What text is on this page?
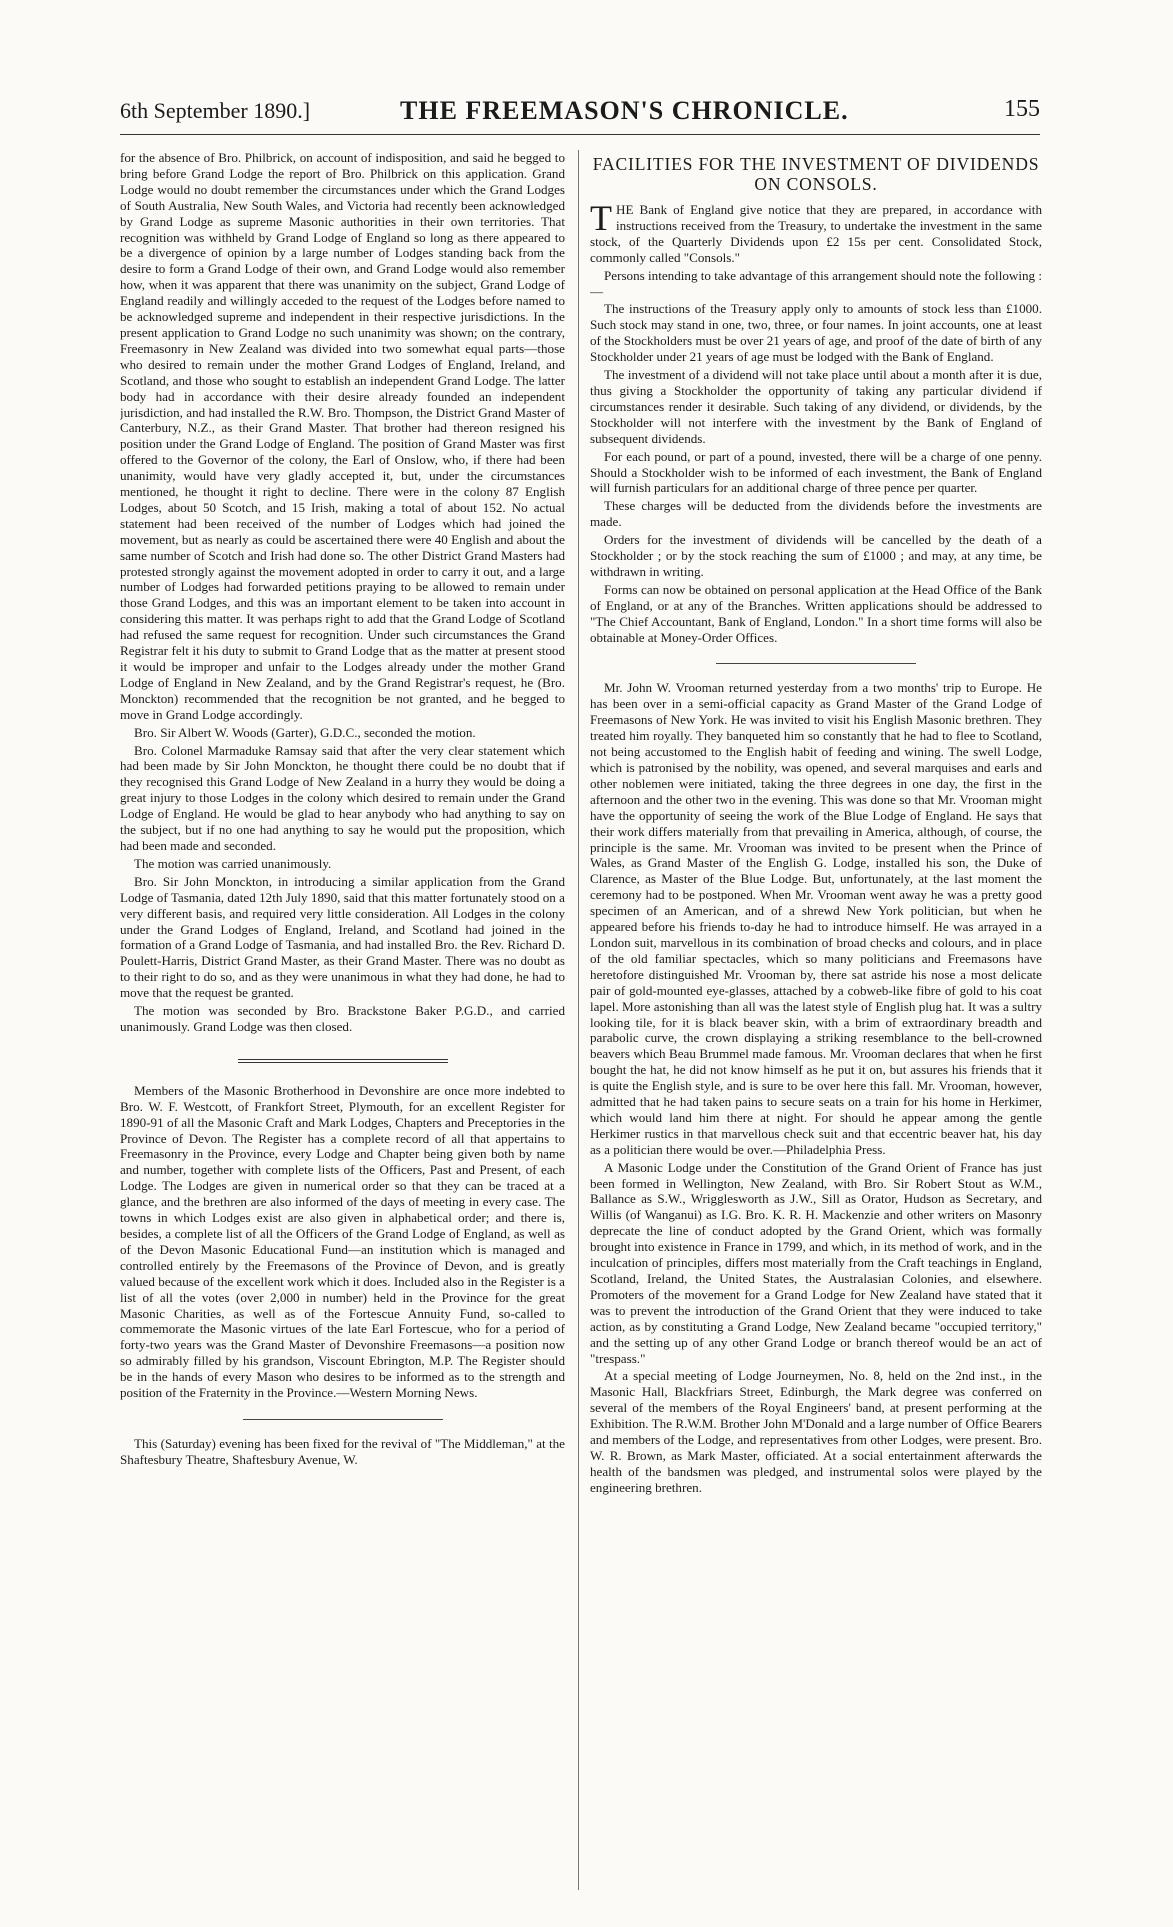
6th September 1890.]	THE FREEMASON'S CHRONICLE.	155

for the absence of Bro. Philbrick, on account of indisposition, and said he begged to bring before Grand Lodge the report of Bro. Philbrick on this application. Grand Lodge would no doubt remember the circumstances under which the Grand Lodges of South Australia, New South Wales, and Victoria had recently been acknowledged by Grand Lodge as supreme Masonic authorities in their own territories. That recognition was withheld by Grand Lodge of England so long as there appeared to be a divergence of opinion by a large number of Lodges standing back from the desire to form a Grand Lodge of their own, and Grand Lodge would also remember how, when it was apparent that there was unanimity on the subject, Grand Lodge of England readily and willingly acceded to the request of the Lodges before named to be acknowledged supreme and independent in their respective jurisdictions. In the present application to Grand Lodge no such unanimity was shown; on the contrary, Freemasonry in New Zealand was divided into two somewhat equal parts—those who desired to remain under the mother Grand Lodges of England, Ireland, and Scotland, and those who sought to establish an independent Grand Lodge. The latter body had in accordance with their desire already founded an independent jurisdiction, and had installed the R.W. Bro. Thompson, the District Grand Master of Canterbury, N.Z., as their Grand Master. That brother had thereon resigned his position under the Grand Lodge of England. The position of Grand Master was first offered to the Governor of the colony, the Earl of Onslow, who, if there had been unanimity, would have very gladly accepted it, but, under the circumstances mentioned, he thought it right to decline. There were in the colony 87 English Lodges, about 50 Scotch, and 15 Irish, making a total of about 152. No actual statement had been received of the number of Lodges which had joined the movement, but as nearly as could be ascertained there were 40 English and about the same number of Scotch and Irish had done so. The other District Grand Masters had protested strongly against the movement adopted in order to carry it out, and a large number of Lodges had forwarded petitions praying to be allowed to remain under those Grand Lodges, and this was an important element to be taken into account in considering this matter. It was perhaps right to add that the Grand Lodge of Scotland had refused the same request for recognition. Under such circumstances the Grand Registrar felt it his duty to submit to Grand Lodge that as the matter at present stood it would be improper and unfair to the Lodges already under the mother Grand Lodge of England in New Zealand, and by the Grand Registrar's request, he (Bro. Monckton) recommended that the recognition be not granted, and he begged to move in Grand Lodge accordingly.

Bro. Sir Albert W. Woods (Garter), G.D.C., seconded the motion.

Bro. Colonel Marmaduke Ramsay said that after the very clear statement which had been made by Sir John Monckton, he thought there could be no doubt that if they recognised this Grand Lodge of New Zealand in a hurry they would be doing a great injury to those Lodges in the colony which desired to remain under the Grand Lodge of England. He would be glad to hear anybody who had anything to say on the subject, but if no one had anything to say he would put the proposition, which had been made and seconded.

The motion was carried unanimously.

Bro. Sir John Monckton, in introducing a similar application from the Grand Lodge of Tasmania, dated 12th July 1890, said that this matter fortunately stood on a very different basis, and required very little consideration. All Lodges in the colony under the Grand Lodges of England, Ireland, and Scotland had joined in the formation of a Grand Lodge of Tasmania, and had installed Bro. the Rev. Richard D. Poulett-Harris, District Grand Master, as their Grand Master. There was no doubt as to their right to do so, and as they were unanimous in what they had done, he had to move that the request be granted.

The motion was seconded by Bro. Brackstone Baker P.G.D., and carried unanimously. Grand Lodge was then closed.

Members of the Masonic Brotherhood in Devonshire are once more indebted to Bro. W. F. Westcott, of Frankfort Street, Plymouth, for an excellent Register for 1890-91 of all the Masonic Craft and Mark Lodges, Chapters and Preceptories in the Province of Devon. The Register has a complete record of all that appertains to Freemasonry in the Province, every Lodge and Chapter being given both by name and number, together with complete lists of the Officers, Past and Present, of each Lodge. The Lodges are given in numerical order so that they can be traced at a glance, and the brethren are also informed of the days of meeting in every case. The towns in which Lodges exist are also given in alphabetical order; and there is, besides, a complete list of all the Officers of the Grand Lodge of England, as well as of the Devon Masonic Educational Fund—an institution which is managed and controlled entirely by the Freemasons of the Province of Devon, and is greatly valued because of the excellent work which it does. Included also in the Register is a list of all the votes (over 2,000 in number) held in the Province for the great Masonic Charities, as well as of the Fortescue Annuity Fund, so-called to commemorate the Masonic virtues of the late Earl Fortescue, who for a period of forty-two years was the Grand Master of Devonshire Freemasons—a position now so admirably filled by his grandson, Viscount Ebrington, M.P. The Register should be in the hands of every Mason who desires to be informed as to the strength and position of the Fraternity in the Province.—Western Morning News.

This (Saturday) evening has been fixed for the revival of "The Middleman," at the Shaftesbury Theatre, Shaftesbury Avenue, W.

FACILITIES FOR THE INVESTMENT OF DIVIDENDS ON CONSOLS.

THE Bank of England give notice that they are prepared, in accordance with instructions received from the Treasury, to undertake the investment in the same stock, of the Quarterly Dividends upon £2 15s per cent. Consolidated Stock, commonly called "Consols."

Persons intending to take advantage of this arrangement should note the following :—

The instructions of the Treasury apply only to amounts of stock less than £1000. Such stock may stand in one, two, three, or four names. In joint accounts, one at least of the Stockholders must be over 21 years of age, and proof of the date of birth of any Stockholder under 21 years of age must be lodged with the Bank of England.

The investment of a dividend will not take place until about a month after it is due, thus giving a Stockholder the opportunity of taking any particular dividend if circumstances render it desirable. Such taking of any dividend, or dividends, by the Stockholder will not interfere with the investment by the Bank of England of subsequent dividends.

For each pound, or part of a pound, invested, there will be a charge of one penny. Should a Stockholder wish to be informed of each investment, the Bank of England will furnish particulars for an additional charge of three pence per quarter.

These charges will be deducted from the dividends before the investments are made.

Orders for the investment of dividends will be cancelled by the death of a Stockholder ; or by the stock reaching the sum of £1000 ; and may, at any time, be withdrawn in writing.

Forms can now be obtained on personal application at the Head Office of the Bank of England, or at any of the Branches. Written applications should be addressed to "The Chief Accountant, Bank of England, London." In a short time forms will also be obtainable at Money-Order Offices.

Mr. John W. Vrooman returned yesterday from a two months' trip to Europe. He has been over in a semi-official capacity as Grand Master of the Grand Lodge of Freemasons of New York. He was invited to visit his English Masonic brethren. They treated him royally. They banqueted him so constantly that he had to flee to Scotland, not being accustomed to the English habit of feeding and wining. The swell Lodge, which is patronised by the nobility, was opened, and several marquises and earls and other noblemen were initiated, taking the three degrees in one day, the first in the afternoon and the other two in the evening. This was done so that Mr. Vrooman might have the opportunity of seeing the work of the Blue Lodge of England. He says that their work differs materially from that prevailing in America, although, of course, the principle is the same. Mr. Vrooman was invited to be present when the Prince of Wales, as Grand Master of the English G. Lodge, installed his son, the Duke of Clarence, as Master of the Blue Lodge. But, unfortunately, at the last moment the ceremony had to be postponed. When Mr. Vrooman went away he was a pretty good specimen of an American, and of a shrewd New York politician, but when he appeared before his friends to-day he had to introduce himself. He was arrayed in a London suit, marvellous in its combination of broad checks and colours, and in place of the old familiar spectacles, which so many politicians and Freemasons have heretofore distinguished Mr. Vrooman by, there sat astride his nose a most delicate pair of gold-mounted eye-glasses, attached by a cobweb-like fibre of gold to his coat lapel. More astonishing than all was the latest style of English plug hat. It was a sultry looking tile, for it is black beaver skin, with a brim of extraordinary breadth and parabolic curve, the crown displaying a striking resemblance to the bell-crowned beavers which Beau Brummel made famous. Mr. Vrooman declares that when he first bought the hat, he did not know himself as he put it on, but assures his friends that it is quite the English style, and is sure to be over here this fall. Mr. Vrooman, however, admitted that he had taken pains to secure seats on a train for his home in Herkimer, which would land him there at night. For should he appear among the gentle Herkimer rustics in that marvellous check suit and that eccentric beaver hat, his day as a politician there would be over.—Philadelphia Press.

A Masonic Lodge under the Constitution of the Grand Orient of France has just been formed in Wellington, New Zealand, with Bro. Sir Robert Stout as W.M., Ballance as S.W., Wrigglesworth as J.W., Sill as Orator, Hudson as Secretary, and Willis (of Wanganui) as I.G. Bro. K. R. H. Mackenzie and other writers on Masonry deprecate the line of conduct adopted by the Grand Orient, which was formally brought into existence in France in 1799, and which, in its method of work, and in the inculcation of principles, differs most materially from the Craft teachings in England, Scotland, Ireland, the United States, the Australasian Colonies, and elsewhere. Promoters of the movement for a Grand Lodge for New Zealand have stated that it was to prevent the introduction of the Grand Orient that they were induced to take action, as by constituting a Grand Lodge, New Zealand became "occupied territory," and the setting up of any other Grand Lodge or branch thereof would be an act of "trespass."

At a special meeting of Lodge Journeymen, No. 8, held on the 2nd inst., in the Masonic Hall, Blackfriars Street, Edinburgh, the Mark degree was conferred on several of the members of the Royal Engineers' band, at present performing at the Exhibition. The R.W.M. Brother John M'Donald and a large number of Office Bearers and members of the Lodge, and representatives from other Lodges, were present. Bro. W. R. Brown, as Mark Master, officiated. At a social entertainment afterwards the health of the bandsmen was pledged, and instrumental solos were played by the engineering brethren.
